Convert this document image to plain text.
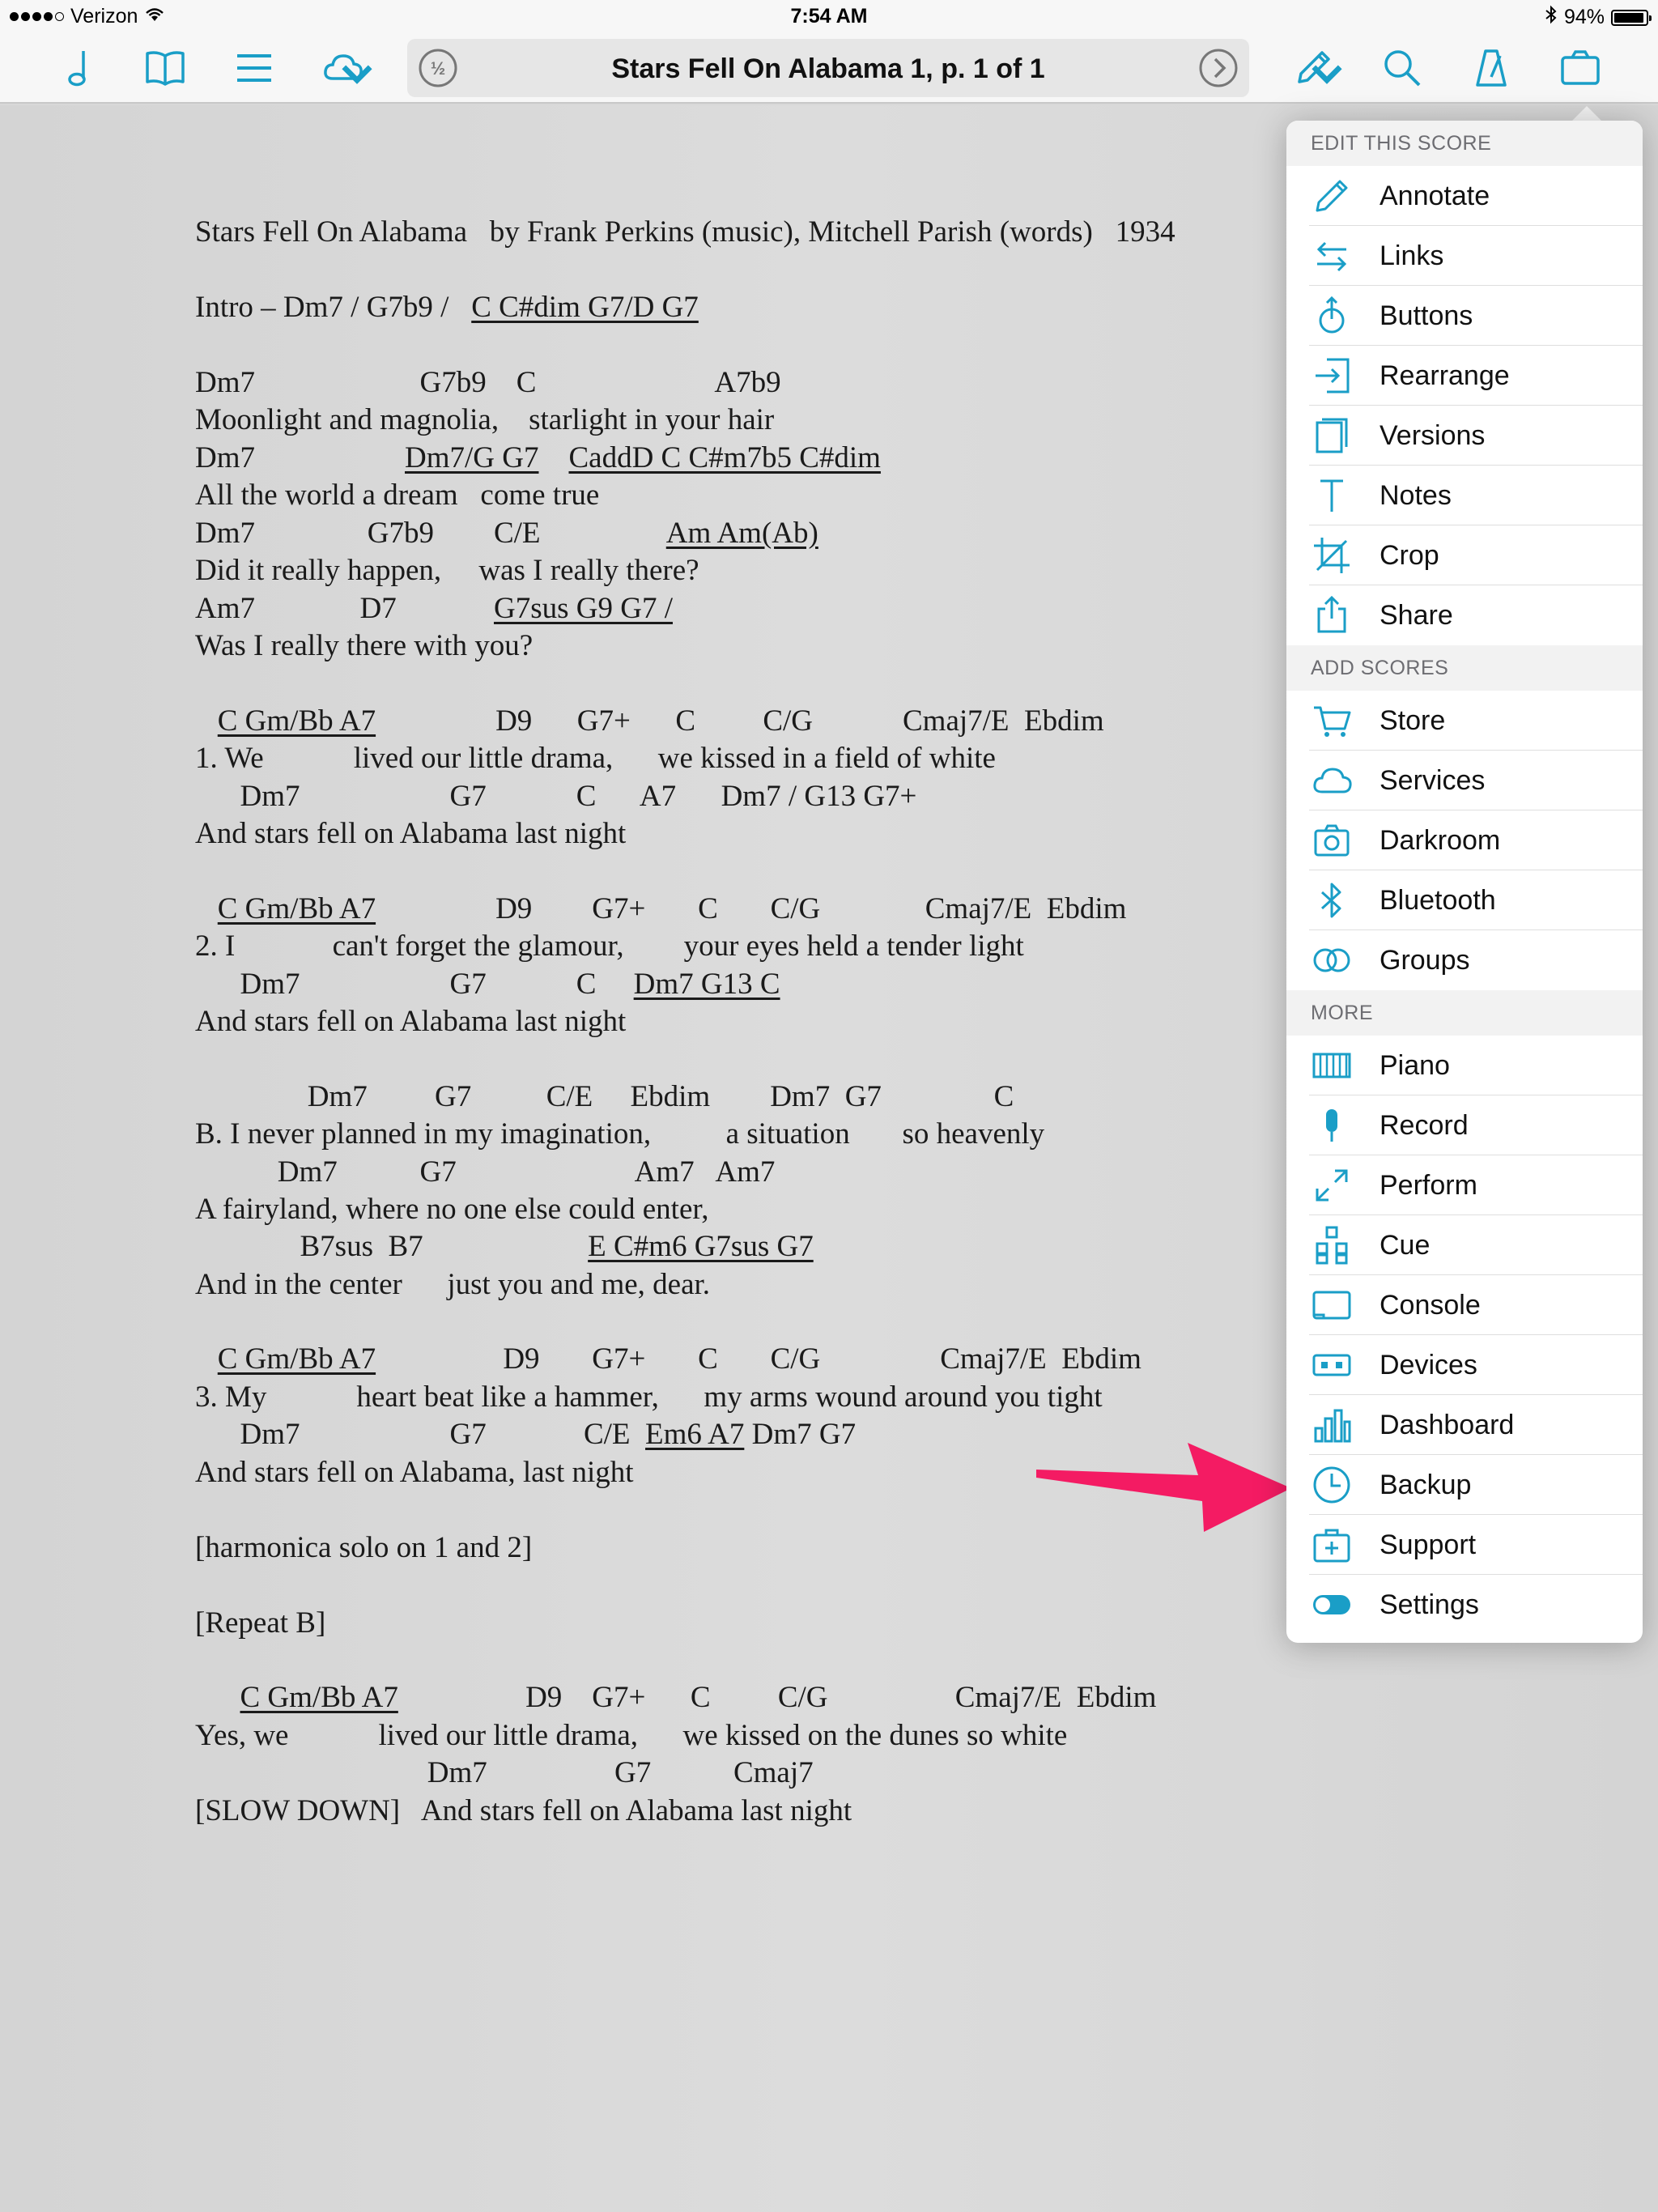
Verizon	7:54 AM	94%
½	Stars Fell On Alabama 1, p. 1 of 1
Stars Fell On Alabama   by Frank Perkins (music), Mitchell Parish (words)   1934
Intro – Dm7 / G7b9 /   C C#dim G7/D G7
Dm7                      G7b9    C                        A7b9
Moonlight and magnolia,    starlight in your hair
Dm7                    Dm7/G G7 CaddD C C#m7b5 C#dim
All the world a dream   come true
Dm7               G7b9        C/E                 Am Am(Ab)
Did it really happen,     was I really there?
Am7              D7             G7sus G9 G7 /
Was I really there with you?
C Gm/Bb A7                D9      G7+      C         C/G            Cmaj7/E  Ebdim
1. We            lived our little drama,      we kissed in a field of white
Dm7                    G7            C      A7      Dm7 / G13 G7+
And stars fell on Alabama last night
C Gm/Bb A7                D9        G7+       C       C/G              Cmaj7/E  Ebdim
2. I             can't forget the glamour,        your eyes held a tender light
Dm7                    G7            C     Dm7 G13 C
And stars fell on Alabama last night
Dm7         G7          C/E     Ebdim        Dm7  G7               C
B. I never planned in my imagination,          a situation       so heavenly
Dm7           G7                        Am7   Am7
A fairyland, where no one else could enter,
B7sus  B7                      E C#m6 G7sus G7
And in the center      just you and me, dear.
C Gm/Bb A7                 D9       G7+       C       C/G                Cmaj7/E  Ebdim
3. My            heart beat like a hammer,      my arms wound around you tight
Dm7                    G7             C/E  Em6 A7 Dm7 G7
And stars fell on Alabama, last night
[harmonica solo on 1 and 2]
[Repeat B]
C Gm/Bb A7                 D9    G7+      C         C/G                 Cmaj7/E  Ebdim
Yes, we            lived our little drama,      we kissed on the dunes so white
Dm7                 G7           Cmaj7
[SLOW DOWN]   And stars fell on Alabama last night
EDIT THIS SCORE
Annotate
Links
Buttons
Rearrange
Versions
Notes
Crop
Share
ADD SCORES
Store
Services
Darkroom
Bluetooth
Groups
MORE
Piano
Record
Perform
Cue
Console
Devices
Dashboard
Backup
Support
Settings
